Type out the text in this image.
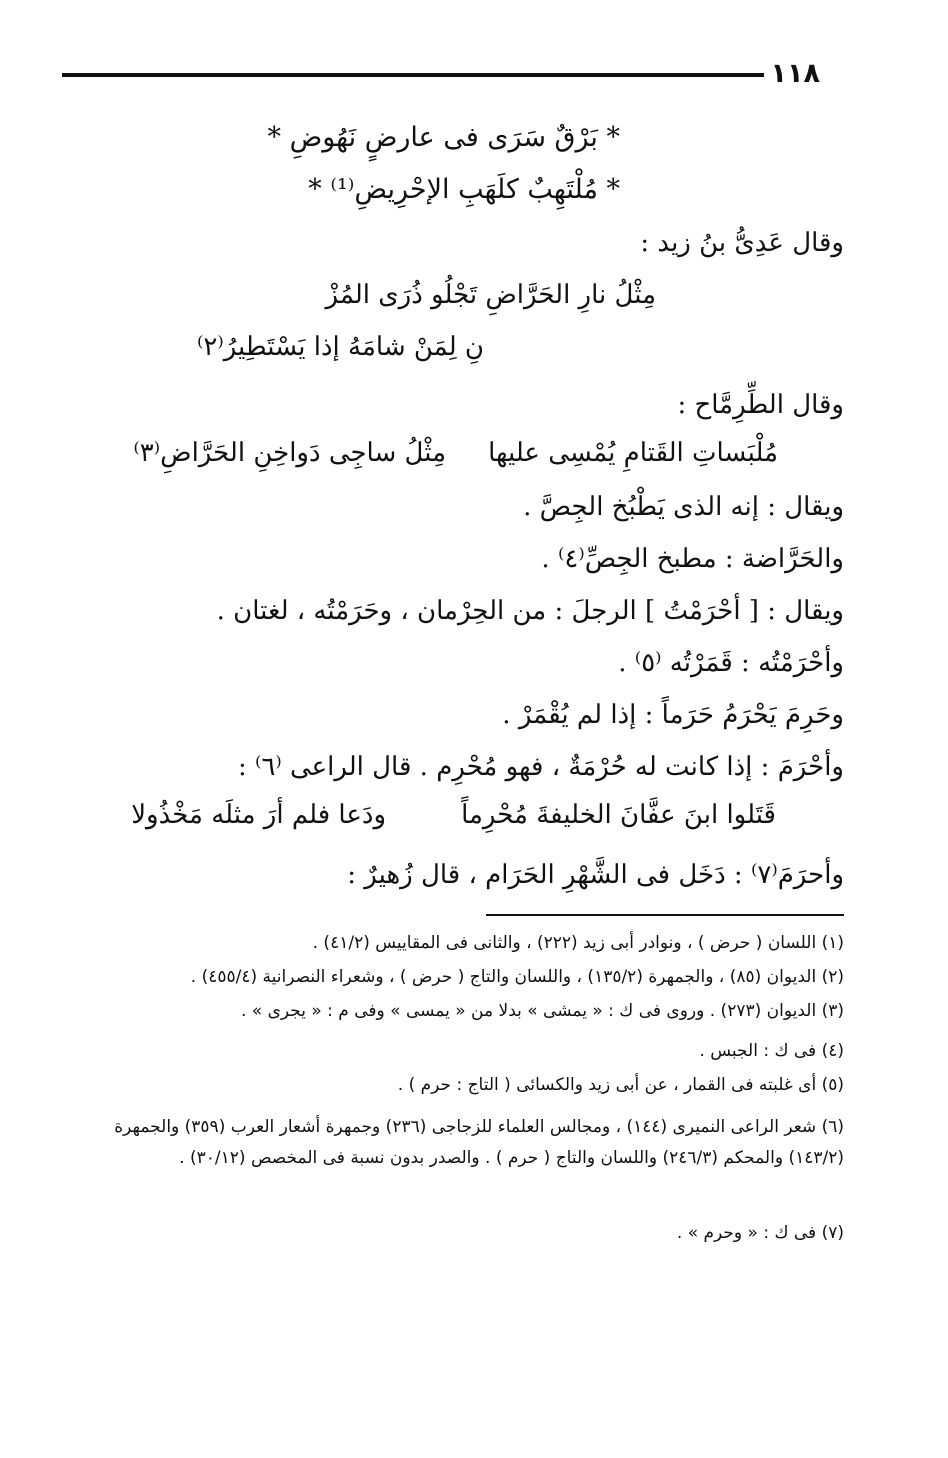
١١٨
* بَرْقٌ سَرَى فى عارضٍ نَهُوضِ *
* مُلْتَهِبٌ كلَهَبِ الإحْرِيضِ⁽¹⁾ *
وقال عَدِىُّ بنُ زيد :
مِثْلُ نارِ الحَرَّاضِ تَجْلُو ذُرَى المُزْ
نِ لِمَنْ شامَهُ إذا يَسْتَطِيرُ⁽٢⁾
وقال الطِّرِمَّاح :
مُلْبَساتِ القَتامِ يُمْسِى عليها
مِثْلُ ساجِى دَواخِنِ الحَرَّاضِ⁽٣⁾
ويقال : إنه الذى يَطْبُخ الجِصَّ .
والحَرَّاضة : مطبخ الجِصِّ⁽٤⁾ .
ويقال : [ أحْرَمْتُ ] الرجلَ : من الحِرْمان ، وحَرَمْتُه ، لغتان .
وأحْرَمْتُه : قَمَرْتُه ⁽٥⁾ .
وحَرِمَ يَحْرَمُ حَرَماً : إذا لم يُقْمَرْ .
وأحْرَمَ : إذا كانت له حُرْمَةٌ ، فهو مُحْرِم . قال الراعى ⁽٦⁾ :
قَتَلوا ابنَ عفَّانَ الخليفةَ مُحْرِماً
ودَعا فلم أرَ مثلَه مَخْذُولا
وأحرَمَ⁽٧⁾ : دَخَل فى الشَّهْرِ الحَرَام ، قال زُهيرٌ :
(١) اللسان ( حرض ) ، ونوادر أبى زيد (٢٢٢) ، والثانى فى المقاييس (٤١/٢) .
(٢) الديوان (٨٥) ، والجمهرة (١٣٥/٢) ، واللسان والتاج ( حرض ) ، وشعراء النصرانية (٤٥٥/٤) .
(٣) الديوان (٢٧٣) . وروى فى ك : « يمشى » بدلا من « يمسى » وفى م : « يجرى » .
(٤) فى ك : الجبس .
(٥) أى غلبته فى القمار ، عن أبى زيد والكسائى ( التاج : حرم ) .
(٦) شعر الراعى النميرى (١٤٤) ، ومجالس العلماء للزجاجى (٢٣٦) وجمهرة أشعار العرب (٣٥٩) والجمهرة (١٤٣/٢) والمحكم (٢٤٦/٣) واللسان والتاج ( حرم ) . والصدر بدون نسبة فى المخصص (٣٠/١٢) .
(٧) فى ك : « وحرم » .
